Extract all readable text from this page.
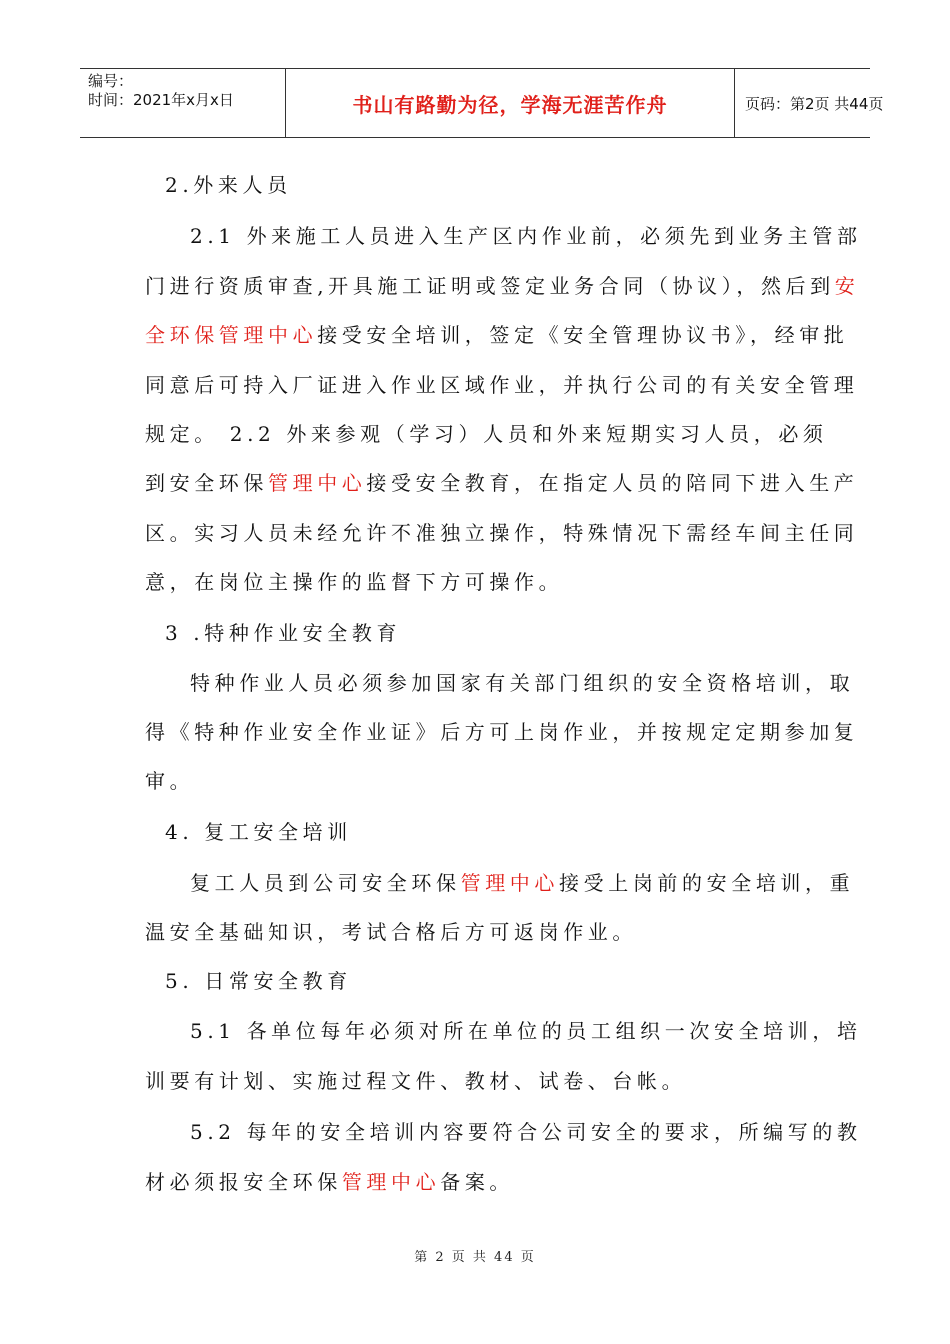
编号：
时间：2021年x月x日	书山有路勤为径，学海无涯苦作舟	页码：第2页 共44页
2.外来人员
2.1 外来施工人员进入生产区内作业前，必须先到业务主管部
门进行资质审查,开具施工证明或签定业务合同（协议），然后到安
全环保管理中心接受安全培训，签定《安全管理协议书》，经审批
同意后可持入厂证进入作业区域作业，并执行公司的有关安全管理
规定。 2.2 外来参观（学习）人员和外来短期实习人员，必须
到安全环保管理中心接受安全教育，在指定人员的陪同下进入生产
区。实习人员未经允许不准独立操作，特殊情况下需经车间主任同
意，在岗位主操作的监督下方可操作。
3 .特种作业安全教育
特种作业人员必须参加国家有关部门组织的安全资格培训，取
得《特种作业安全作业证》后方可上岗作业，并按规定定期参加复
审。
4. 复工安全培训
复工人员到公司安全环保管理中心接受上岗前的安全培训，重
温安全基础知识，考试合格后方可返岗作业。
5. 日常安全教育
5.1 各单位每年必须对所在单位的员工组织一次安全培训，培
训要有计划、实施过程文件、教材、试卷、台帐。
5.2 每年的安全培训内容要符合公司安全的要求，所编写的教
材必须报安全环保管理中心备案。
第 2 页 共 44 页
